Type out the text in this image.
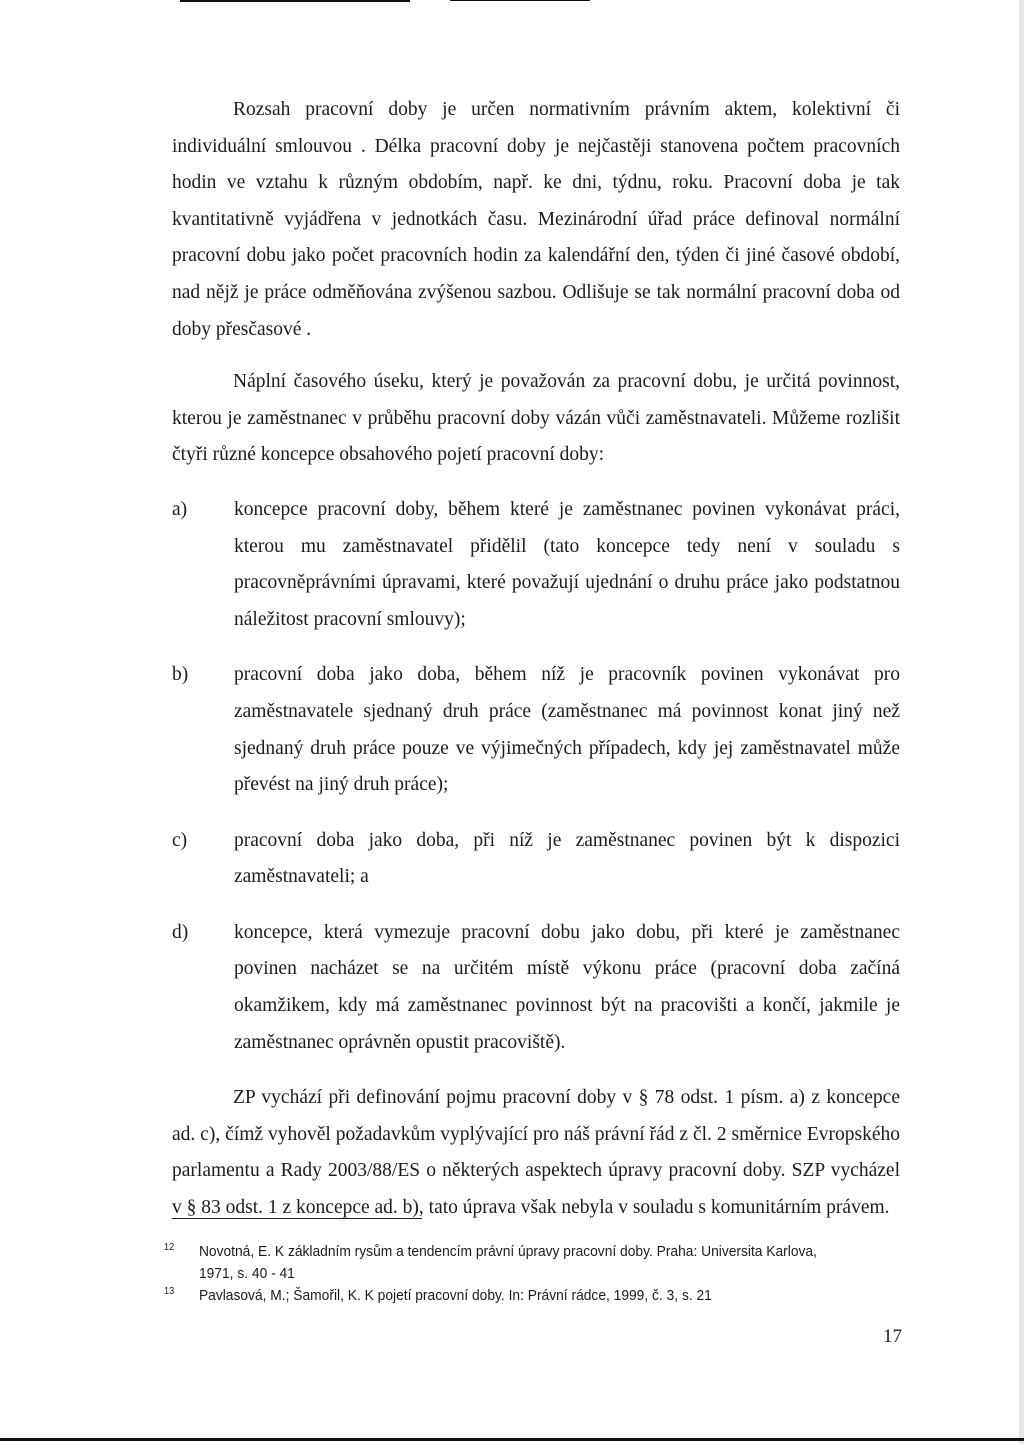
Rozsah pracovní doby je určen normativním právním aktem, kolektivní či individuální smlouvou . Délka pracovní doby je nejčastěji stanovena počtem pracovních hodin ve vztahu k různým obdobím, např. ke dni, týdnu, roku. Pracovní doba je tak kvantitativně vyjádřena v jednotkách času. Mezinárodní úřad práce definoval normální pracovní dobu jako počet pracovních hodin za kalendářní den, týden či jiné časové období, nad nějž je práce odměňována zvýšenou sazbou. Odlišuje se tak normální pracovní doba od doby přesčasové .

Náplní časového úseku, který je považován za pracovní dobu, je určitá povinnost, kterou je zaměstnanec v průběhu pracovní doby vázán vůči zaměstnavateli. Můžeme rozlišit čtyři různé koncepce obsahového pojetí pracovní doby:

a)	koncepce pracovní doby, během které je zaměstnanec povinen vykonávat práci, kterou mu zaměstnavatel přidělil (tato koncepce tedy není v souladu s pracovněprávními úpravami, které považují ujednání o druhu práce jako podstatnou náležitost pracovní smlouvy);
b)	pracovní doba jako doba, během níž je pracovník povinen vykonávat pro zaměstnavatele sjednaný druh práce (zaměstnanec má povinnost konat jiný než sjednaný druh práce pouze ve výjimečných případech, kdy jej zaměstnavatel může převést na jiný druh práce);
c)	pracovní doba jako doba, při níž je zaměstnanec povinen být k dispozici zaměstnavateli; a
d)	koncepce, která vymezuje pracovní dobu jako dobu, při které je zaměstnanec povinen nacházet se na určitém místě výkonu práce (pracovní doba začíná okamžikem, kdy má zaměstnanec povinnost být na pracovišti a končí, jakmile je zaměstnanec oprávněn opustit pracoviště).

ZP vychází při definování pojmu pracovní doby v § 78 odst. 1 písm. a) z koncepce ad. c), čímž vyhověl požadavkům vyplývající pro náš právní řád z čl. 2 směrnice Evropského parlamentu a Rady 2003/88/ES o některých aspektech úpravy pracovní doby. SZP vycházel v § 83 odst. 1 z koncepce ad. b), tato úprava však nebyla v souladu s komunitárním právem.

12	Novotná, E. K základním rysům a tendencím právní úpravy pracovní doby. Praha: Universita Karlova, 1971, s. 40 - 41
13	Pavlasová, M.; Šamořil, K. K pojetí pracovní doby. In: Právní rádce, 1999, č. 3, s. 21
17
